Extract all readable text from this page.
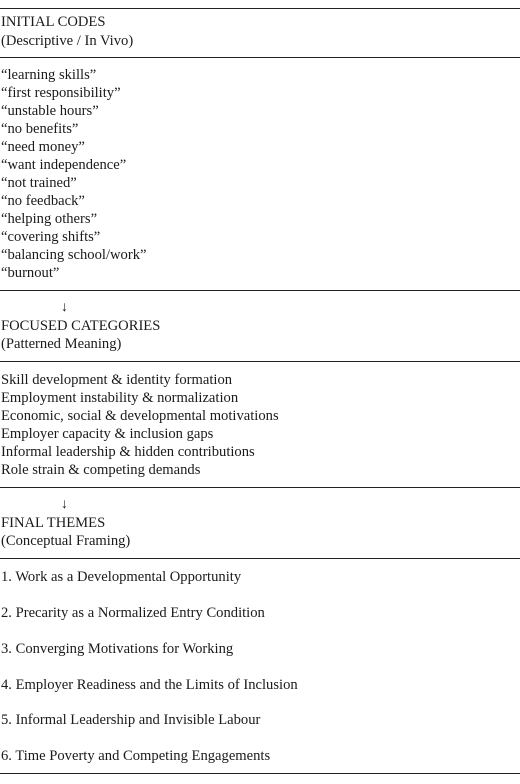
INITIAL CODES
(Descriptive / In Vivo)
“learning skills”
“first responsibility”
“unstable hours”
“no benefits”
“need money”
“want independence”
“not trained”
“no feedback”
“helping others”
“covering shifts”
“balancing school/work”
“burnout”
↓
FOCUSED CATEGORIES
(Patterned Meaning)
Skill development & identity formation
Employment instability & normalization
Economic, social & developmental motivations
Employer capacity & inclusion gaps
Informal leadership & hidden contributions
Role strain & competing demands
↓
FINAL THEMES
(Conceptual Framing)
1. Work as a Developmental Opportunity
2. Precarity as a Normalized Entry Condition
3. Converging Motivations for Working
4. Employer Readiness and the Limits of Inclusion
5. Informal Leadership and Invisible Labour
6. Time Poverty and Competing Engagements
